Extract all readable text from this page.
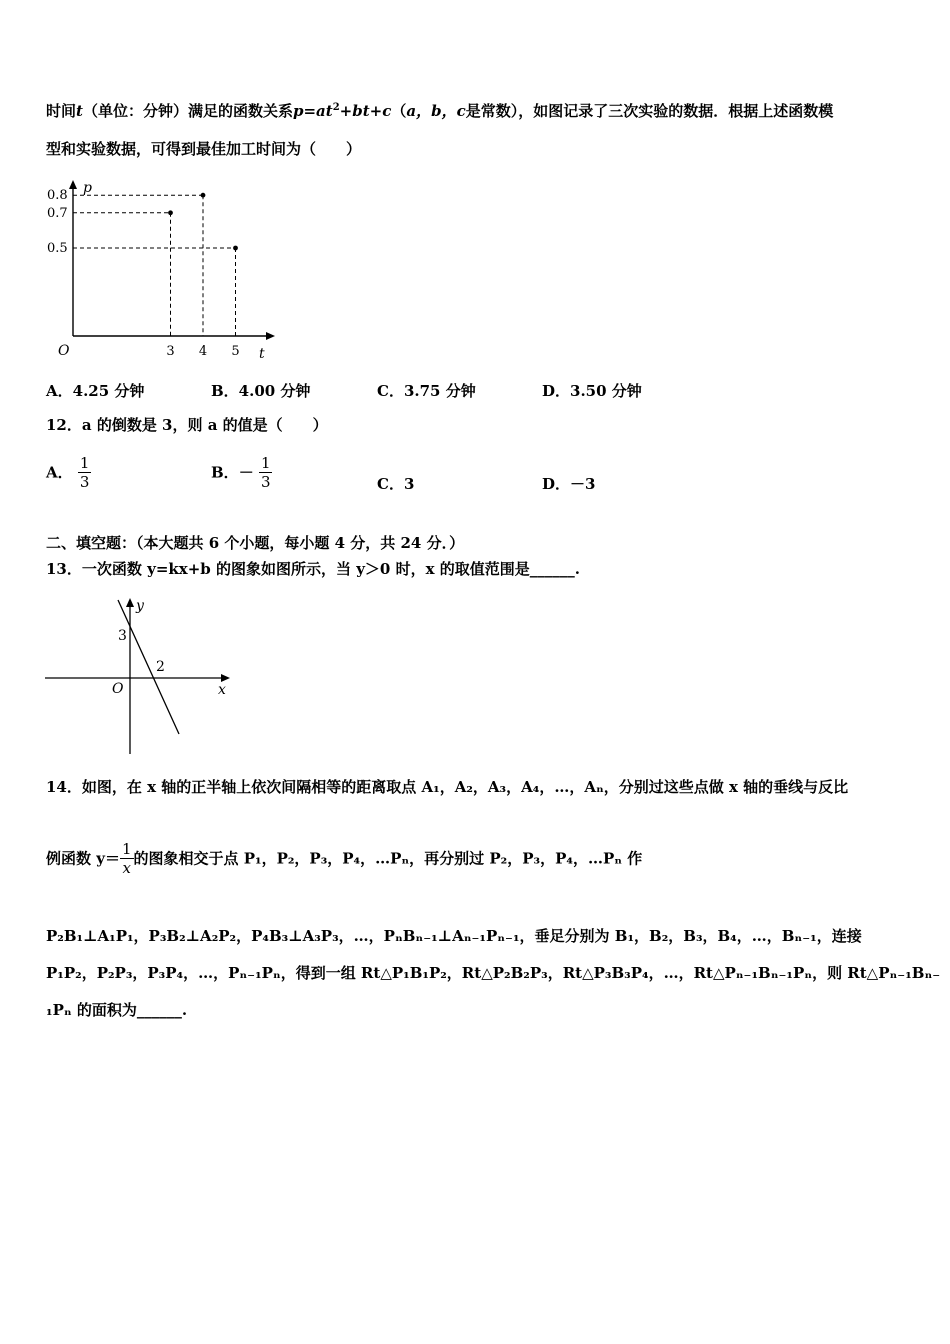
时间t（单位：分钟）满足的函数关系$p=at^2+bt+c(a$，b，c是常数），如图记录了三次实验的数据．根据上述函数模
型和实验数据，可得到最佳加工时间为（　　）
p
t
O	3 4 5
0.8
0.7
0.5
A．4.25 分钟	B．4.00 分钟	C．3.75 分钟	D．3.50 分钟
12．a 的倒数是 3，则 a 的值是（　　）
A． $\frac{1}{3}$	B．－ $\frac{1}{3}$	C．3	D．－3
二、填空题：（本大题共 6 个小题，每小题 4 分，共 24 分．）
13．一次函数 y=kx+b 的图象如图所示，当 y＞0 时，x 的取值范围是______.
y
x
O
3
2
14．如图，在 x 轴的正半轴上依次间隔相等的距离取点 A₁，A₂，A₃，A₄，…，Aₙ，分别过这些点做 x 轴的垂线与反比
例函数 $y= \frac{1}{x}$ 的图象相交于点 P₁，P₂，P₃，P₄，…Pₙ，再分别过 P₂，P₃，P₄，…Pₙ 作
P₂B₁⊥A₁P₁，P₃B₂⊥A₂P₂，P₄B₃⊥A₃P₃，…，PₙBₙ₋₁⊥Aₙ₋₁Pₙ₋₁，垂足分别为 B₁，B₂，B₃，B₄，…，Bₙ₋₁，连接
P₁P₂，P₂P₃，P₃P₄，…，Pₙ₋₁Pₙ，得到一组 Rt△P₁B₁P₂，Rt△P₂B₂P₃，Rt△P₃B₃P₄，…，Rt△Pₙ₋₁Bₙ₋₁Pₙ，则 Rt△Pₙ₋₁Bₙ₋
₁Pₙ 的面积为______.
